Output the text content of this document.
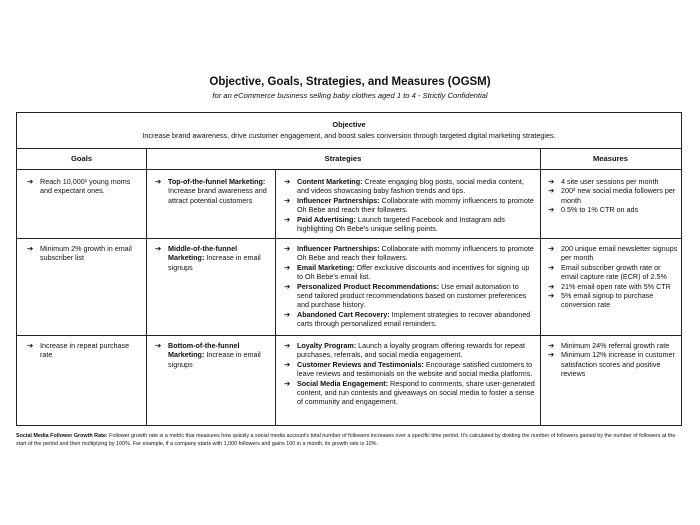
Objective, Goals, Strategies, and Measures (OGSM)
for an eCommerce business selling baby clothes aged 1 to 4 - Strictly Confidential
Objective
Increase brand awareness, drive customer engagement, and boost sales conversion through targeted digital marketing strategies.
Goals	Strategies	Measures
➔ Reach 10,000¹ young moms and expectant ones.
➔ Top-of-the-funnel Marketing: Increase brand awareness and attract potential customers
➔ Content Marketing: Create engaging blog posts, social media content, and videos showcasing baby fashion trends and tips.
➔ Influencer Partnerships: Collaborate with mommy influencers to promote Oh Bebe and reach their followers.
➔ Paid Advertising: Launch targeted Facebook and Instagram ads highlighting Oh Bebe's unique selling points.
➔ 4 site user sessions per month
➔ 200² new social media followers per month
➔ 0.5% to 1% CTR on ads
➔ Minimum 2% growth in email subscriber list
➔ Middle-of-the-funnel Marketing: Increase in email signups
➔ Influencer Partnerships: Collaborate with mommy influencers to promote Oh Bebe and reach their followers.
➔ Email Marketing: Offer exclusive discounts and incentives for signing up to Oh Bebe's email list.
➔ Personalized Product Recommendations: Use email automation to send tailored product recommendations based on customer preferences and purchase history.
➔ Abandoned Cart Recovery: Implement strategies to recover abandoned carts through personalized email reminders.
➔ 200 unique email newsletter signups per month
➔ Email subscriber growth rate or email capture rate (ECR) of 2.5%
➔ 21% email open rate with 5% CTR
➔ 5% email signup to purchase conversion rate
➔ Increase in repeat purchase rate
➔ Bottom-of-the-funnel Marketing: Increase in email signups
➔ Loyalty Program: Launch a loyalty program offering rewards for repeat purchases, referrals, and social media engagement.
➔ Customer Reviews and Testimonials: Encourage satisfied customers to leave reviews and testimonials on the website and social media platforms.
➔ Social Media Engagement: Respond to comments, share user-generated content, and run contests and giveaways on social media to foster a sense of community and engagement.
➔ Minimum 24% referral growth rate
➔ Minimum 12% increase in customer satisfaction scores and positive reviews
Social Media Follower Growth Rate: Follower growth rate is a metric that measures how quickly a social media account's total number of followers increases over a specific time period. It's calculated by dividing the number of followers gained by the number of followers at the start of the period and then multiplying by 100%. For example, if a company starts with 1,000 followers and gains 100 in a month, its growth rate is 10%.
